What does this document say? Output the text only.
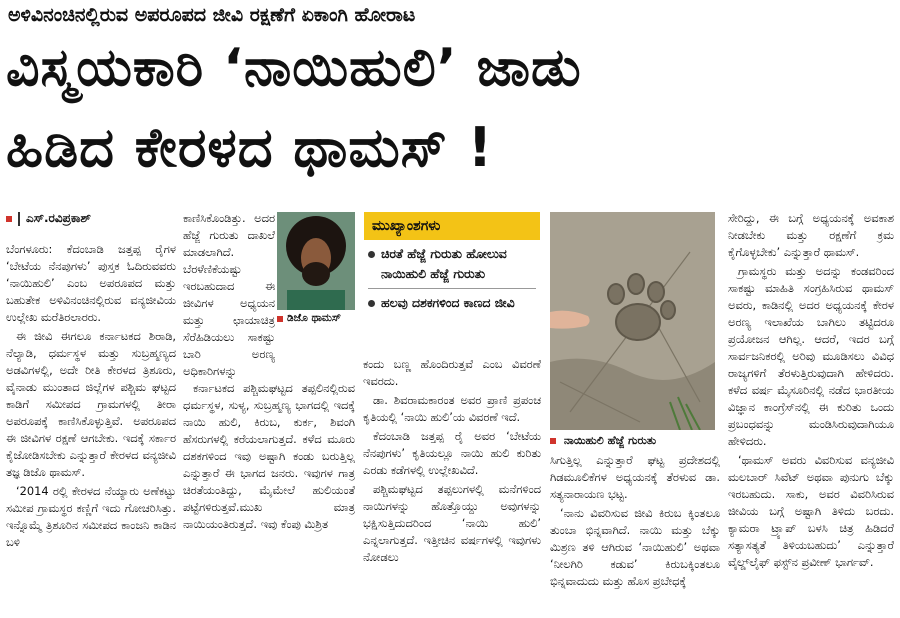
ಅಳಿವಿನಂಚಿನಲ್ಲಿರುವ ಅಪರೂಪದ ಜೀವಿ ರಕ್ಷಣೆಗೆ ಏಕಾಂಗಿ ಹೋರಾಟ
ವಿಸ್ಮಯಕಾರಿ ‘ನಾಯಿಹುಲಿ’ ಜಾಡು
ಹಿಡಿದ ಕೇರಳದ ಥಾಮಸ್ !
ಎಸ್.ರವಿಪ್ರಕಾಶ್

ಬೆಂಗಳೂರು: ಕೆದಂಬಾಡಿ ಜತ್ತಪ್ಪ ರೈಗಳ ‘ಬೇಟೆಯ ನೆನಪುಗಳು’ ಪುಸ್ತಕ ಓದಿರುವವರು ‘ನಾಯಿಹುಲಿ’ ಎಂಬ ಅಪರೂಪದ ಮತ್ತು ಬಹುತೇಕ ಅಳಿವಿನಂಚಿನಲ್ಲಿರುವ ವನ್ಯಜೀವಿಯ ಉಲ್ಲೇಖ ಮರೆತಿರಲಾರರು.

ಈ ಜೀವಿ ಈಗಲೂ ಕರ್ನಾಟಕದ ಶಿರಾಡಿ, ನೆಲ್ಯಾಡಿ, ಧರ್ಮಸ್ಥಳ ಮತ್ತು ಸುಬ್ರಹ್ಮಣ್ಯದ ಅಡವಿಗಳಲ್ಲಿ, ಅದೇ ರೀತಿ ಕೇರಳದ ತ್ರಿಶೂರು, ವೈನಾಡು ಮುಂತಾದ ಜಿಲ್ಲೆಗಳ ಪಶ್ಚಿಮ ಘಟ್ಟದ ಕಾಡಿಗೆ ಸಮೀಪದ ಗ್ರಾಮಗಳಲ್ಲಿ ತೀರಾ ಅಪರೂಪಕ್ಕೆ ಕಾಣಿಸಿಕೊಳ್ಳುತ್ತಿವೆ. ಅಪರೂಪದ ಈ ಜೀವಿಗಳ ರಕ್ಷಣೆ ಆಗಬೇಕು. ಇದಕ್ಕೆ ಸರ್ಕಾರ ಕೈಜೋಡಿಸಬೇಕು ಎನ್ನುತ್ತಾರೆ ಕೇರಳದ ವನ್ಯಜೀವಿ ತಜ್ಞ ಡಿಜೊ ಥಾಮಸ್.

‘2014 ರಲ್ಲಿ ಕೇರಳದ ನೆಯ್ಯಾರು ಅಣೆಕಟ್ಟು ಸಮೀಪ ಗ್ರಾಮಸ್ಥರ ಕಣ್ಣಿಗೆ ಇದು ಗೋಚರಿಸಿತ್ತು. ಇನ್ನೊಮ್ಮೆ ತ್ರಿಶೂರಿನ ಸಮೀಪದ ಕಾಂಜನಿ ಕಾಡಿನ ಬಳಿ

ಕಾಣಿಸಿಕೊಂಡಿತ್ತು. ಅದರ ಹೆಜ್ಜೆ ಗುರುತು ದಾಖಲೆ ಮಾಡಲಾಗಿದೆ. ಬೆರಳೆಣಿಕೆಯಷ್ಟು ಇರಬಹುದಾದ ಈ ಜೀವಿಗಳ ಅಧ್ಯಯನ ಮತ್ತು ಛಾಯಾಚಿತ್ರ ಸೆರೆಹಿಡಿಯಲು ಸಾಕಷ್ಟು ಬಾರಿ ಅರಣ್ಯ ಅಧಿಕಾರಿಗಳನ್ನು

ಕರ್ನಾಟಕದ ಪಶ್ಚಿಮಘಟ್ಟದ ತಪ್ಪಲಿನಲ್ಲಿರುವ ಧರ್ಮಸ್ಥಳ, ಸುಳ್ಯ, ಸುಬ್ರಹ್ಮಣ್ಯ ಭಾಗದಲ್ಲಿ ಇದಕ್ಕೆ ನಾಯಿ ಹುಲಿ, ಕಿರುಬ, ಕುರ್ಕ, ಶಿವಂಗಿ ಹೆಸರುಗಳಲ್ಲಿ ಕರೆಯಲಾಗುತ್ತದೆ. ಕಳೆದ ಮೂರು ದಶಕಗಳಿಂದ ಇವು ಅಷ್ಟಾಗಿ ಕಂಡು ಬರುತ್ತಿಲ್ಲ ಎನ್ನುತ್ತಾರೆ ಈ ಭಾಗದ ಜನರು. ಇವುಗಳ ಗಾತ್ರ ಚಿರತೆಯಂತಿದ್ದು, ಮೈಮೇಲೆ ಹುಲಿಯಂತೆ ಪಟ್ಟೆಗಳಿರುತ್ತವೆ.ಮುಖ ಮಾತ್ರ ನಾಯಿಯಂತಿರುತ್ತದೆ. ಇವು ಕೆಂಪು ಮಿಶ್ರಿತ

ಡಿಜೊ ಥಾಮಸ್
ಮುಖ್ಯಾಂಶಗಳು
ಚಿರತೆ ಹೆಜ್ಜೆ ಗುರುತು ಹೋಲುವ ನಾಯಿಹುಲಿ ಹೆಜ್ಜೆ ಗುರುತು
ಹಲವು ದಶಕಗಳಿಂದ ಕಾಣದ ಜೀವಿ

ಕಂದು ಬಣ್ಣ ಹೊಂದಿರುತ್ತವೆ ಎಂಬ ವಿವರಣೆ ಇವರದು.

ಡಾ. ಶಿವರಾಮಕಾರಂತ ಅವರ ಪ್ರಾಣಿ ಪ್ರಪಂಚ ಕೃತಿಯಲ್ಲಿ ‘ನಾಯಿ ಹುಲಿ’ಯ ವಿವರಣೆ ಇದೆ.

ಕೆದಂಬಾಡಿ ಜತ್ತಪ್ಪ ರೈ ಅವರ ‘ಬೇಟೆಯ ನೆನಪುಗಳು’ ಕೃತಿಯಲ್ಲೂ ನಾಯಿ ಹುಲಿ ಕುರಿತು ಎರಡು ಕಡೆಗಳಲ್ಲಿ ಉಲ್ಲೇಖವಿದೆ.

ಪಶ್ಚಿಮಘಟ್ಟದ ತಪ್ಪಲುಗಳಲ್ಲಿ ಮನೆಗಳಿಂದ ನಾಯಿಗಳನ್ನು ಹೊತ್ತೊಯ್ದು ಅವುಗಳನ್ನು ಭಕ್ಷಿಸುತ್ತಿದುದರಿಂದ ‘ನಾಯಿ ಹುಲಿ’ ಎನ್ನಲಾಗುತ್ತದೆ. ಇತ್ತೀಚಿನ ವರ್ಷಗಳಲ್ಲಿ ಇವುಗಳು ನೋಡಲು

ನಾಯಿಹುಲಿ ಹೆಜ್ಜೆ ಗುರುತು

ಸಿಗುತ್ತಿಲ್ಲ ಎನ್ನುತ್ತಾರೆ ಘಟ್ಟ ಪ್ರದೇಶದಲ್ಲಿ ಗಿಡಮೂಲಿಕೆಗಳ ಅಧ್ಯಯನಕ್ಕೆ ತೆರಳುವ ಡಾ. ಸತ್ಯನಾರಾಯಣ ಭಟ್ಟ.

‘ನಾನು ವಿವರಿಸುವ ಜೀವಿ ಕಿರುಬ ಕ್ಕಿಂತಲೂ ತುಂಬಾ ಭಿನ್ನವಾಗಿದೆ. ನಾಯಿ ಮತ್ತು ಬೆಕ್ಕು ಮಿಶ್ರಣ ತಳಿ ಆಗಿರುವ ‘ನಾಯಿಹುಲಿ’ ಅಥವಾ ‘ನೀಲಗಿರಿ ಕಡುವ’ ಕಿರುಬಕ್ಕಿಂತಲೂ ಭಿನ್ನವಾದುದು ಮತ್ತು ಹೊಸ ಪ್ರಬೇಧಕ್ಕೆ

ಸೇರಿದ್ದು, ಈ ಬಗ್ಗೆ ಅಧ್ಯಯನಕ್ಕೆ ಅವಕಾಶ ನೀಡಬೇಕು ಮತ್ತು ರಕ್ಷಣೆಗೆ ಕ್ರಮ ಕೈಗೊಳ್ಳಬೇಕು’ ಎನ್ನುತ್ತಾರೆ ಥಾಮಸ್.

ಗ್ರಾಮಸ್ಥರು ಮತ್ತು ಅದನ್ನು ಕಂಡವರಿಂದ ಸಾಕಷ್ಟು ಮಾಹಿತಿ ಸಂಗ್ರಹಿಸಿರುವ ಥಾಮಸ್ ಅವರು, ಕಾಡಿನಲ್ಲಿ ಅದರ ಅಧ್ಯಯನಕ್ಕೆ ಕೇರಳ ಅರಣ್ಯ ಇಲಾಖೆಯ ಬಾಗಿಲು ತಟ್ಟಿದರೂ ಪ್ರಯೋಜನ ಆಗಿಲ್ಲ. ಆದರೆ, ಇದರ ಬಗ್ಗೆ ಸಾರ್ವಜನಿಕರಲ್ಲಿ ಅರಿವು ಮೂಡಿಸಲು ವಿವಿಧ ರಾಜ್ಯಗಳಿಗೆ ತೆರಳುತ್ತಿರುವುದಾಗಿ ಹೇಳಿದರು. ಕಳೆದ ವರ್ಷ ಮೈಸೂರಿನಲ್ಲಿ ನಡೆದ ಭಾರತೀಯ ವಿಜ್ಞಾನ ಕಾಂಗ್ರೆಸ್‌ನಲ್ಲಿ ಈ ಕುರಿತು ಒಂದು ಪ್ರಬಂಧವನ್ನು ಮಂಡಿಸಿರುವುದಾಗಿಯೂ ಹೇಳಿದರು.

‘ಥಾಮಸ್ ಅವರು ವಿವರಿಸುವ ವನ್ಯಜೀವಿ ಮಲಬಾರ್ ಸಿವೆಟ್ ಅಥವಾ ಪುನುಗು ಬೆಕ್ಕು ಇರಬಹುದು. ಸಾಕು, ಅವರ ವಿವರಿಸಿರುವ ಜೀವಿಯ ಬಗ್ಗೆ ಅಷ್ಟಾಗಿ ತಿಳಿದು ಬರದು. ಕ್ಯಾಮರಾ ಟ್ರ್ಯಾಪ್ ಬಳಸಿ ಚಿತ್ರ ಹಿಡಿದರೆ ಸತ್ಯಾಸತ್ಯತೆ ತಿಳಿಯಬಹುದು’ ಎನ್ನುತ್ತಾರೆ ವೈಲ್ಡ್‌ಲೈಫ್ ಫಸ್ಟ್‌ನ ಪ್ರವೀಣ್ ಭಾರ್ಗವ್.
